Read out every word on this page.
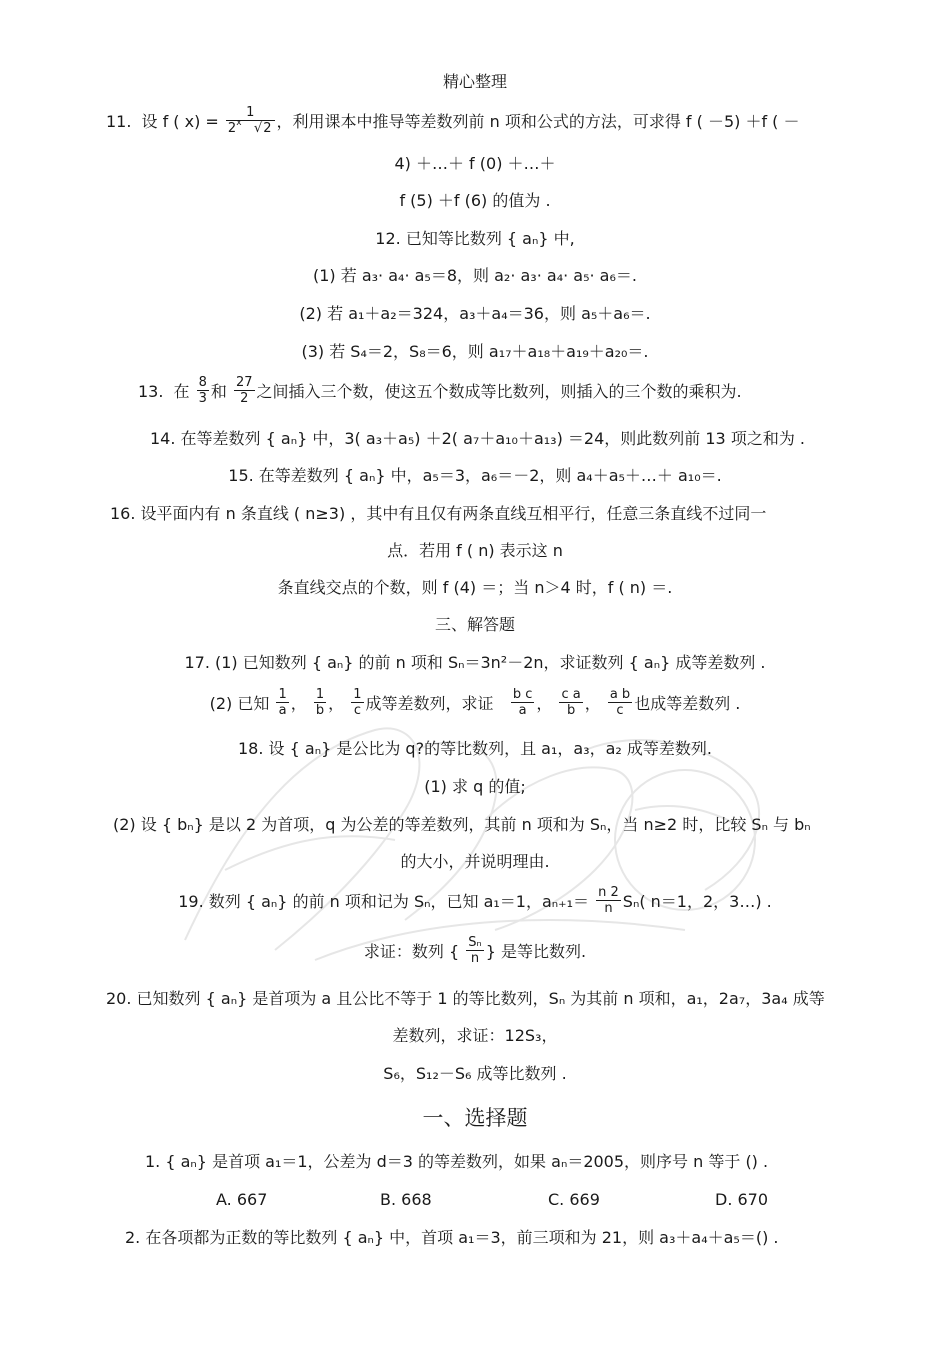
精心整理
11. 设 f ( $x) = \frac{1}{2^x √2}$ ，利用课本中推导等差数列前 n 项和公式的方法，可求得 f ( －5) ＋f ( －
4) ＋…＋ f (0) ＋…＋
f (5) ＋f (6) 的值为 .
12. 已知等比数列 { aₙ} 中,
(1) 若 a₃· a₄· a₅＝8，则 a₂· a₃· a₄· a₅· a₆＝.
(2) 若 a₁＋a₂＝324，a₃＋a₄＝36，则 a₅＋a₆＝.
(3) 若 S₄＝2，S₈＝6，则 a₁₇＋a₁₈＋a₁₉＋a₂₀＝.
13. 在 $\frac{8}{3}$ 和 $\frac{27}{2}$ 之间插入三个数，使这五个数成等比数列，则插入的三个数的乘积为.
14. 在等差数列 { aₙ} 中，3( a₃＋a₅) ＋2( a₇＋a₁₀＋a₁₃) ＝24，则此数列前 13 项之和为 .
15. 在等差数列 { aₙ} 中，a₅＝3，a₆＝－2，则 a₄＋a₅＋…＋ a₁₀＝.
16. 设平面内有 n 条直线 ( n≥3) ，其中有且仅有两条直线互相平行，任意三条直线不过同一
点．若用 f ( n) 表示这 n
条直线交点的个数，则 f (4) ＝；当 n＞4 时，f ( n) ＝.
三、解答题
17. (1) 已知数列 { aₙ} 的前 n 项和 Sₙ＝3n²－2n，求证数列 { aₙ} 成等差数列 .
(2) 已知 $\frac{1}{a}$ ， $\frac{1}{b}$ ， $\frac{1}{c}$ 成等差数列，求证 $\frac{\text{b c}}{a}$ ， $\frac{\text{c a}}{b}$ ， $\frac{\text{a b}}{c}$ 也成等差数列 .
18. 设 { aₙ} 是公比为 q?的等比数列，且 a₁，a₃，a₂ 成等差数列.
(1) 求 q 的值;
(2) 设 { bₙ} 是以 2 为首项，q 为公差的等差数列，其前 n 项和为 Sₙ，当 n≥2 时，比较 Sₙ 与 bₙ
的大小，并说明理由.
19. 数列 { aₙ} 的前 n 项和记为 Sₙ，已知 a₁＝1，$a_{n+1}= \frac{n 2}{n} S_n$( n＝1，2，3…) .
求证：数列 { $\frac{\text{Sₙ}}{n}$ } 是等比数列.
20. 已知数列 { aₙ} 是首项为 a 且公比不等于 1 的等比数列，Sₙ 为其前 n 项和，a₁，2a₇，3a₄ 成等
差数列，求证：12S₃，
S₆，S₁₂－S₆ 成等比数列 .
一、选择题
1. { aₙ} 是首项 a₁＝1，公差为 d＝3 的等差数列，如果 aₙ＝2005，则序号 n 等于 () .
A. 667	B. 668	C. 669	D. 670
2. 在各项都为正数的等比数列 { aₙ} 中，首项 a₁＝3，前三项和为 21，则 a₃＋a₄＋a₅＝() .
